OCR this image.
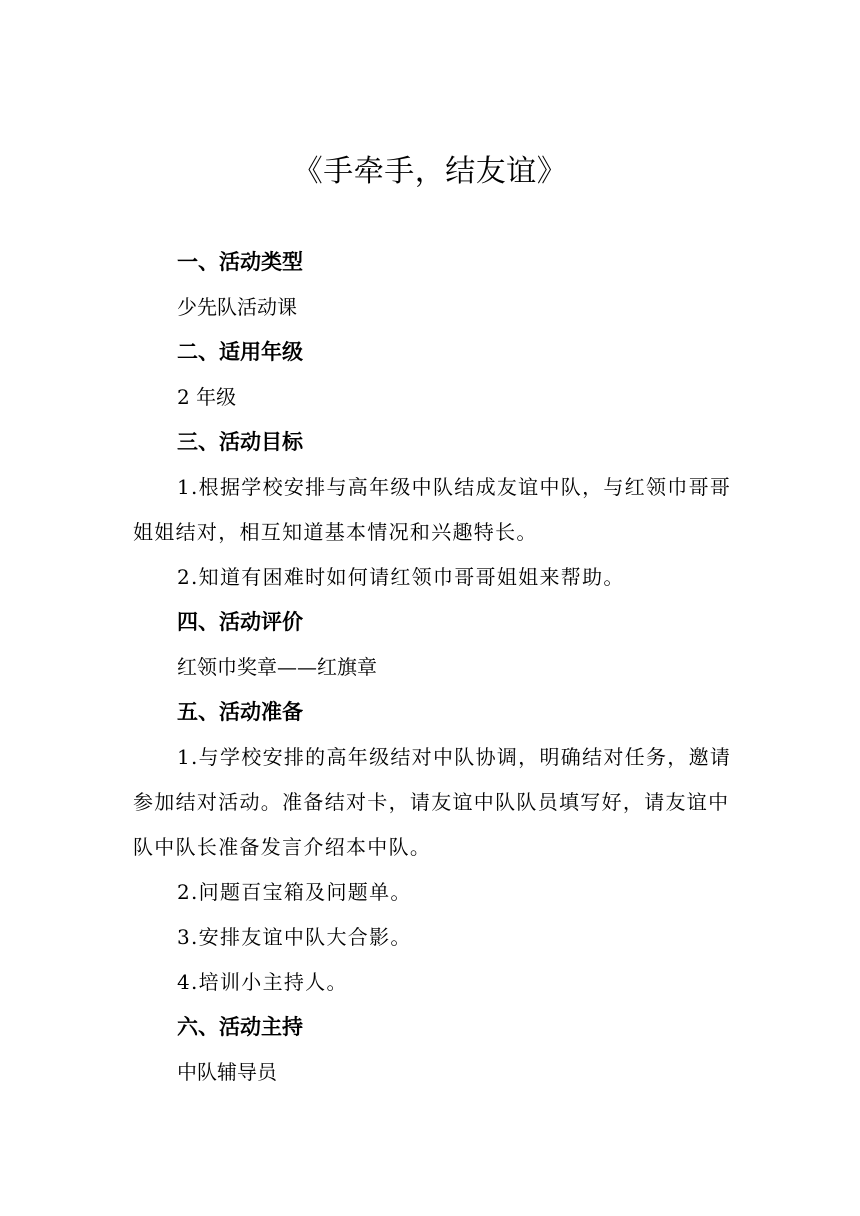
《手牵手，结友谊》
一、活动类型
少先队活动课
二、适用年级
2 年级
三、活动目标

1.根据学校安排与高年级中队结成友谊中队，与红领巾哥哥姐姐结对，相互知道基本情况和兴趣特长。

2.知道有困难时如何请红领巾哥哥姐姐来帮助。

四、活动评价
红领巾奖章——红旗章
五、活动准备

1.与学校安排的高年级结对中队协调，明确结对任务，邀请参加结对活动。准备结对卡，请友谊中队队员填写好，请友谊中队中队长准备发言介绍本中队。

2.问题百宝箱及问题单。

3.安排友谊中队大合影。

4.培训小主持人。

六、活动主持
中队辅导员
